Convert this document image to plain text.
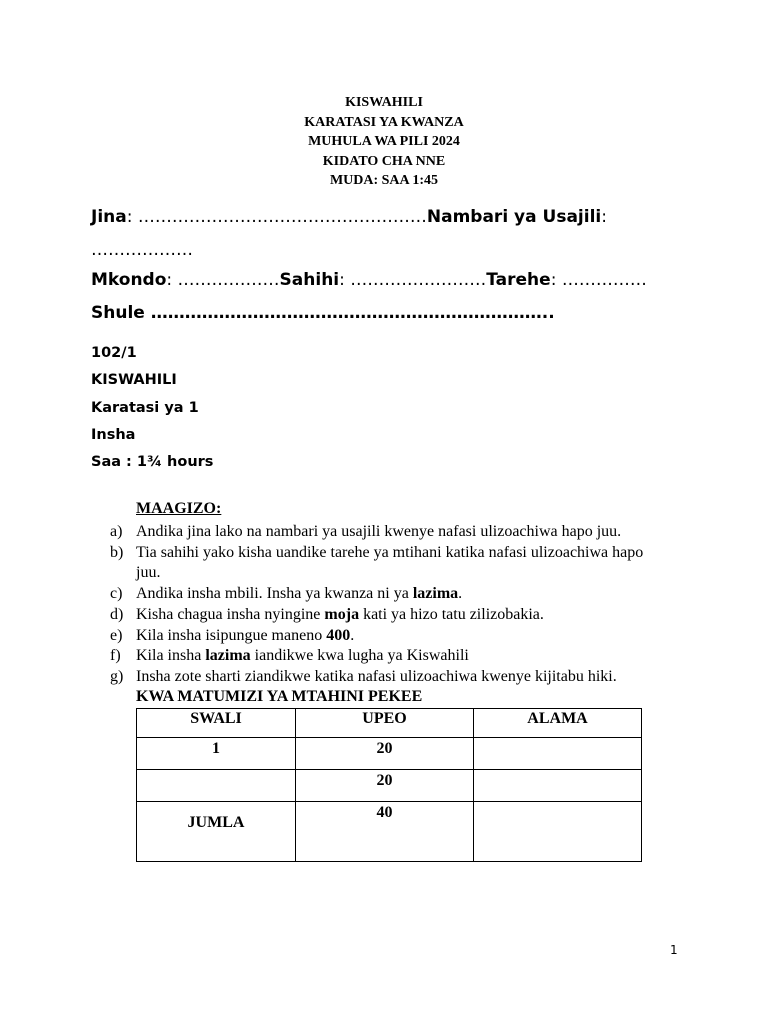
KISWAHILI
KARATASI YA KWANZA
MUHULA WA PILI 2024
KIDATO CHA NNE
MUDA: SAA 1:45
Jina: ……………………………………………Nambari ya Usajili:
………………
Mkondo: ………………Sahihi: ……………………Tarehe: ……………
Shule ……………………………………………………………..
102/1
KISWAHILI
Karatasi ya 1
Insha
Saa : 1¾ hours
MAAGIZO:
a) Andika jina lako na nambari ya usajili kwenye nafasi ulizoachiwa hapo juu.
b) Tia sahihi yako kisha uandike tarehe ya mtihani katika nafasi ulizoachiwa hapo juu.
c) Andika insha mbili. Insha ya kwanza ni ya lazima.
d) Kisha chagua insha nyingine moja kati ya hizo tatu zilizobakia.
e) Kila insha isipungue maneno 400.
f) Kila insha lazima iandikwe kwa lugha ya Kiswahili
g) Insha zote sharti ziandikwe katika nafasi ulizoachiwa kwenye kijitabu hiki.
KWA MATUMIZI YA MTAHINI PEKEE
SWALI	UPEO	ALAMA
1	20	
	20	

JUMLA	40	
1
